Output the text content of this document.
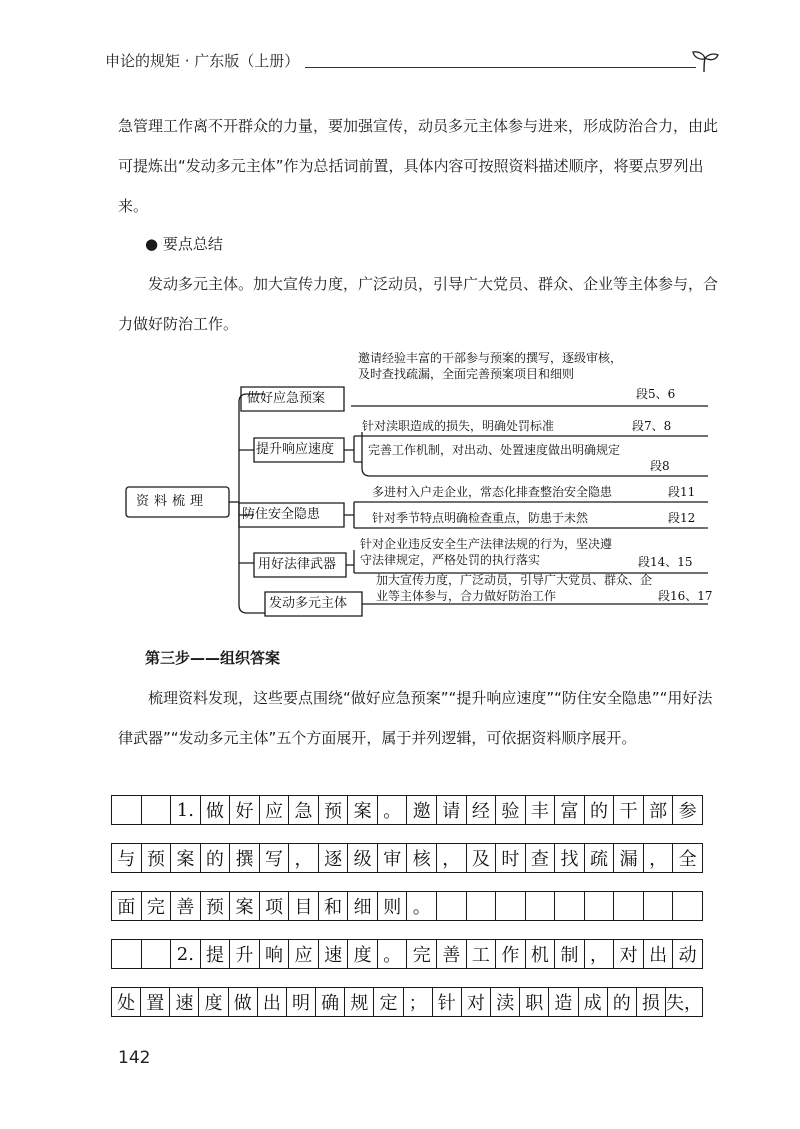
申论的规矩 · 广东版（上册）

急管理工作离不开群众的力量，要加强宣传，动员多元主体参与进来，形成防治合力，由此可提炼出“发动多元主体”作为总括词前置，具体内容可按照资料描述顺序，将要点罗列出来。

● 要点总结

发动多元主体。加大宣传力度，广泛动员，引导广大党员、群众、企业等主体参与，合力做好防治工作。

资料梳理
做好应急预案
邀请经验丰富的干部参与预案的撰写，逐级审核，及时查找疏漏，全面完善预案项目和细则
段5、6
提升响应速度
针对渎职造成的损失，明确处罚标准	段7、8
完善工作机制，对出动、处置速度做出明确规定
段8
防住安全隐患
多进村入户走企业，常态化排查整治安全隐患	段11
针对季节特点明确检查重点，防患于未然	段12
用好法律武器
针对企业违反安全生产法律法规的行为，坚决遵守法律规定，严格处罚的执行落实	段14、15
发动多元主体
加大宣传力度，广泛动员，引导广大党员、群众、企业等主体参与，合力做好防治工作	段16、17
第三步——组织答案

梳理资料发现，这些要点围绕“做好应急预案”“提升响应速度”“防住安全隐患”“用好法律武器”“发动多元主体”五个方面展开，属于并列逻辑，可依据资料顺序展开。

1. 做 好 应 急 预 案 。 邀 请 经 验 丰 富 的 干 部 参
与 预 案 的 撰 写 ， 逐 级 审 核 ， 及 时 查 找 疏 漏 ， 全
面 完 善 预 案 项 目 和 细 则 。
2. 提 升 响 应 速 度 。 完 善 工 作 机 制 ， 对 出 动
处 置 速 度 做 出 明 确 规 定 ； 针 对 渎 职 造 成 的 损 失，
142
